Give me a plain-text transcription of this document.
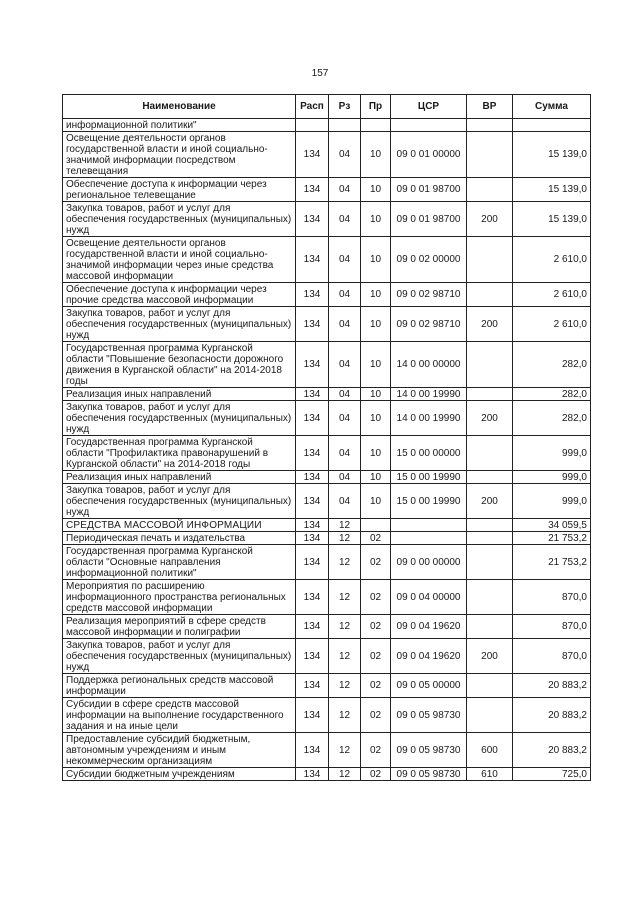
157
Наименование	Расп	Рз	Пр	ЦСР	ВР	Сумма
информационной политики"						
Освещение деятельности органов государственной власти и иной социально-значимой информации посредством телевещания	134	04	10	09 0 01 00000		15 139,0
Обеспечение доступа к информации через региональное телевещание	134	04	10	09 0 01 98700		15 139,0
Закупка товаров, работ и услуг для обеспечения государственных (муниципальных) нужд	134	04	10	09 0 01 98700	200	15 139,0
Освещение деятельности органов государственной власти и иной социально-значимой информации через иные средства массовой информации	134	04	10	09 0 02 00000		2 610,0
Обеспечение доступа к информации через прочие средства массовой информации	134	04	10	09 0 02 98710		2 610,0
Закупка товаров, работ и услуг для обеспечения государственных (муниципальных) нужд	134	04	10	09 0 02 98710	200	2 610,0
Государственная программа Курганской области "Повышение безопасности дорожного движения в Курганской области" на 2014-2018 годы	134	04	10	14 0 00 00000		282,0
Реализация иных направлений	134	04	10	14 0 00 19990		282,0
Закупка товаров, работ и услуг для обеспечения государственных (муниципальных) нужд	134	04	10	14 0 00 19990	200	282,0
Государственная программа Курганской области "Профилактика правонарушений в Курганской области" на 2014-2018 годы	134	04	10	15 0 00 00000		999,0
Реализация иных направлений	134	04	10	15 0 00 19990		999,0
Закупка товаров, работ и услуг для обеспечения государственных (муниципальных) нужд	134	04	10	15 0 00 19990	200	999,0
СРЕДСТВА МАССОВОЙ ИНФОРМАЦИИ	134	12				34 059,5
Периодическая печать и издательства	134	12	02			21 753,2
Государственная программа Курганской области "Основные направления информационной политики"	134	12	02	09 0 00 00000		21 753,2
Мероприятия по расширению информационного пространства региональных средств массовой информации	134	12	02	09 0 04 00000		870,0
Реализация мероприятий в сфере средств массовой информации и полиграфии	134	12	02	09 0 04 19620		870,0
Закупка товаров, работ и услуг для обеспечения государственных (муниципальных) нужд	134	12	02	09 0 04 19620	200	870,0
Поддержка региональных средств массовой информации	134	12	02	09 0 05 00000		20 883,2
Субсидии в сфере средств массовой информации на выполнение государственного задания и на иные цели	134	12	02	09 0 05 98730		20 883,2
Предоставление субсидий бюджетным, автономным учреждениям и иным некоммерческим организациям	134	12	02	09 0 05 98730	600	20 883,2
Субсидии бюджетным учреждениям	134	12	02	09 0 05 98730	610	725,0
